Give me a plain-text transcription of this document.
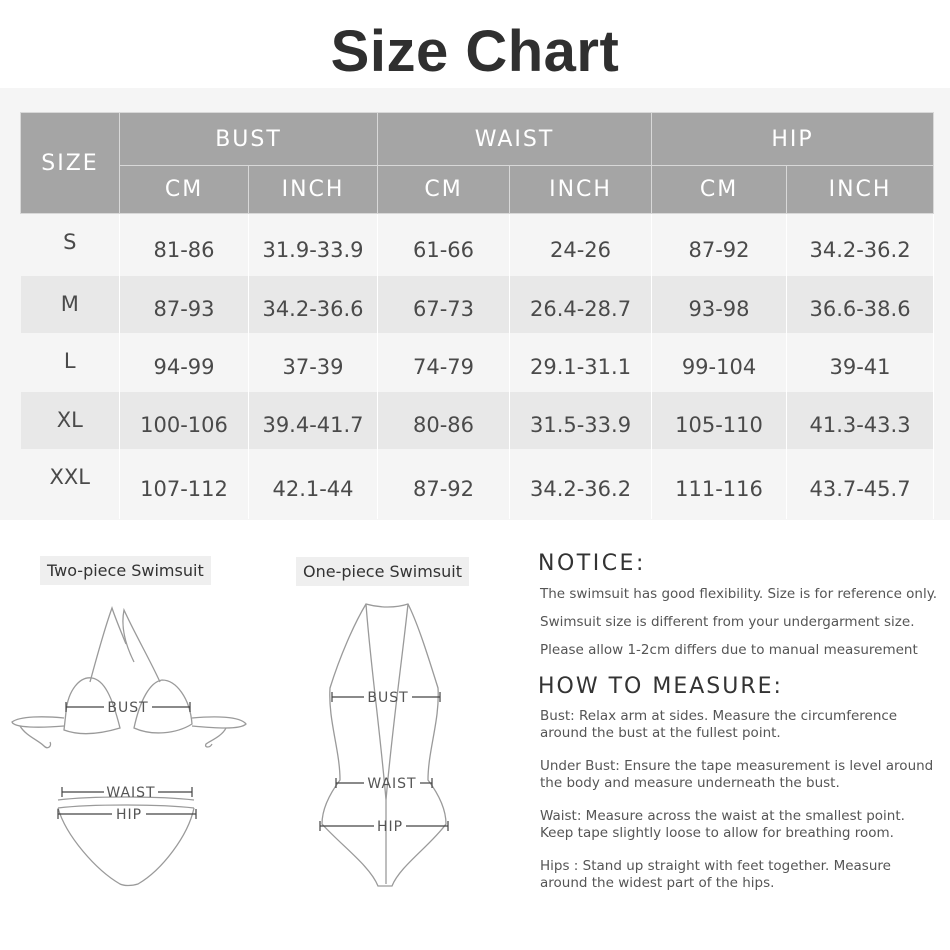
Size Chart
SIZE	BUST		WAIST		HIP	
	CM	INCH	CM	INCH	CM	INCH
S	81-86	31.9-33.9	61-66	24-26	87-92	34.2-36.2
M	87-93	34.2-36.6	67-73	26.4-28.7	93-98	36.6-38.6
L	94-99	37-39	74-79	29.1-31.1	99-104	39-41
XL	100-106	39.4-41.7	80-86	31.5-33.9	105-110	41.3-43.3
XXL	107-112	42.1-44	87-92	34.2-36.2	111-116	43.7-45.7
Two-piece Swimsuit
BUST
WAIST
HIP
One-piece Swimsuit
BUST
WAIST
HIP
NOTICE:
The swimsuit has good flexibility. Size is for reference only.
Swimsuit size is different from your undergarment size.
Please allow 1-2cm differs due to manual measurement
HOW TO MEASURE:
Bust: Relax arm at sides. Measure the circumference around the bust at the fullest point.
Under Bust: Ensure the tape measurement is level around the body and measure underneath the bust.
Waist: Measure across the waist at the smallest point. Keep tape slightly loose to allow for breathing room.
Hips : Stand up straight with feet together. Measure around the widest part of the hips.
